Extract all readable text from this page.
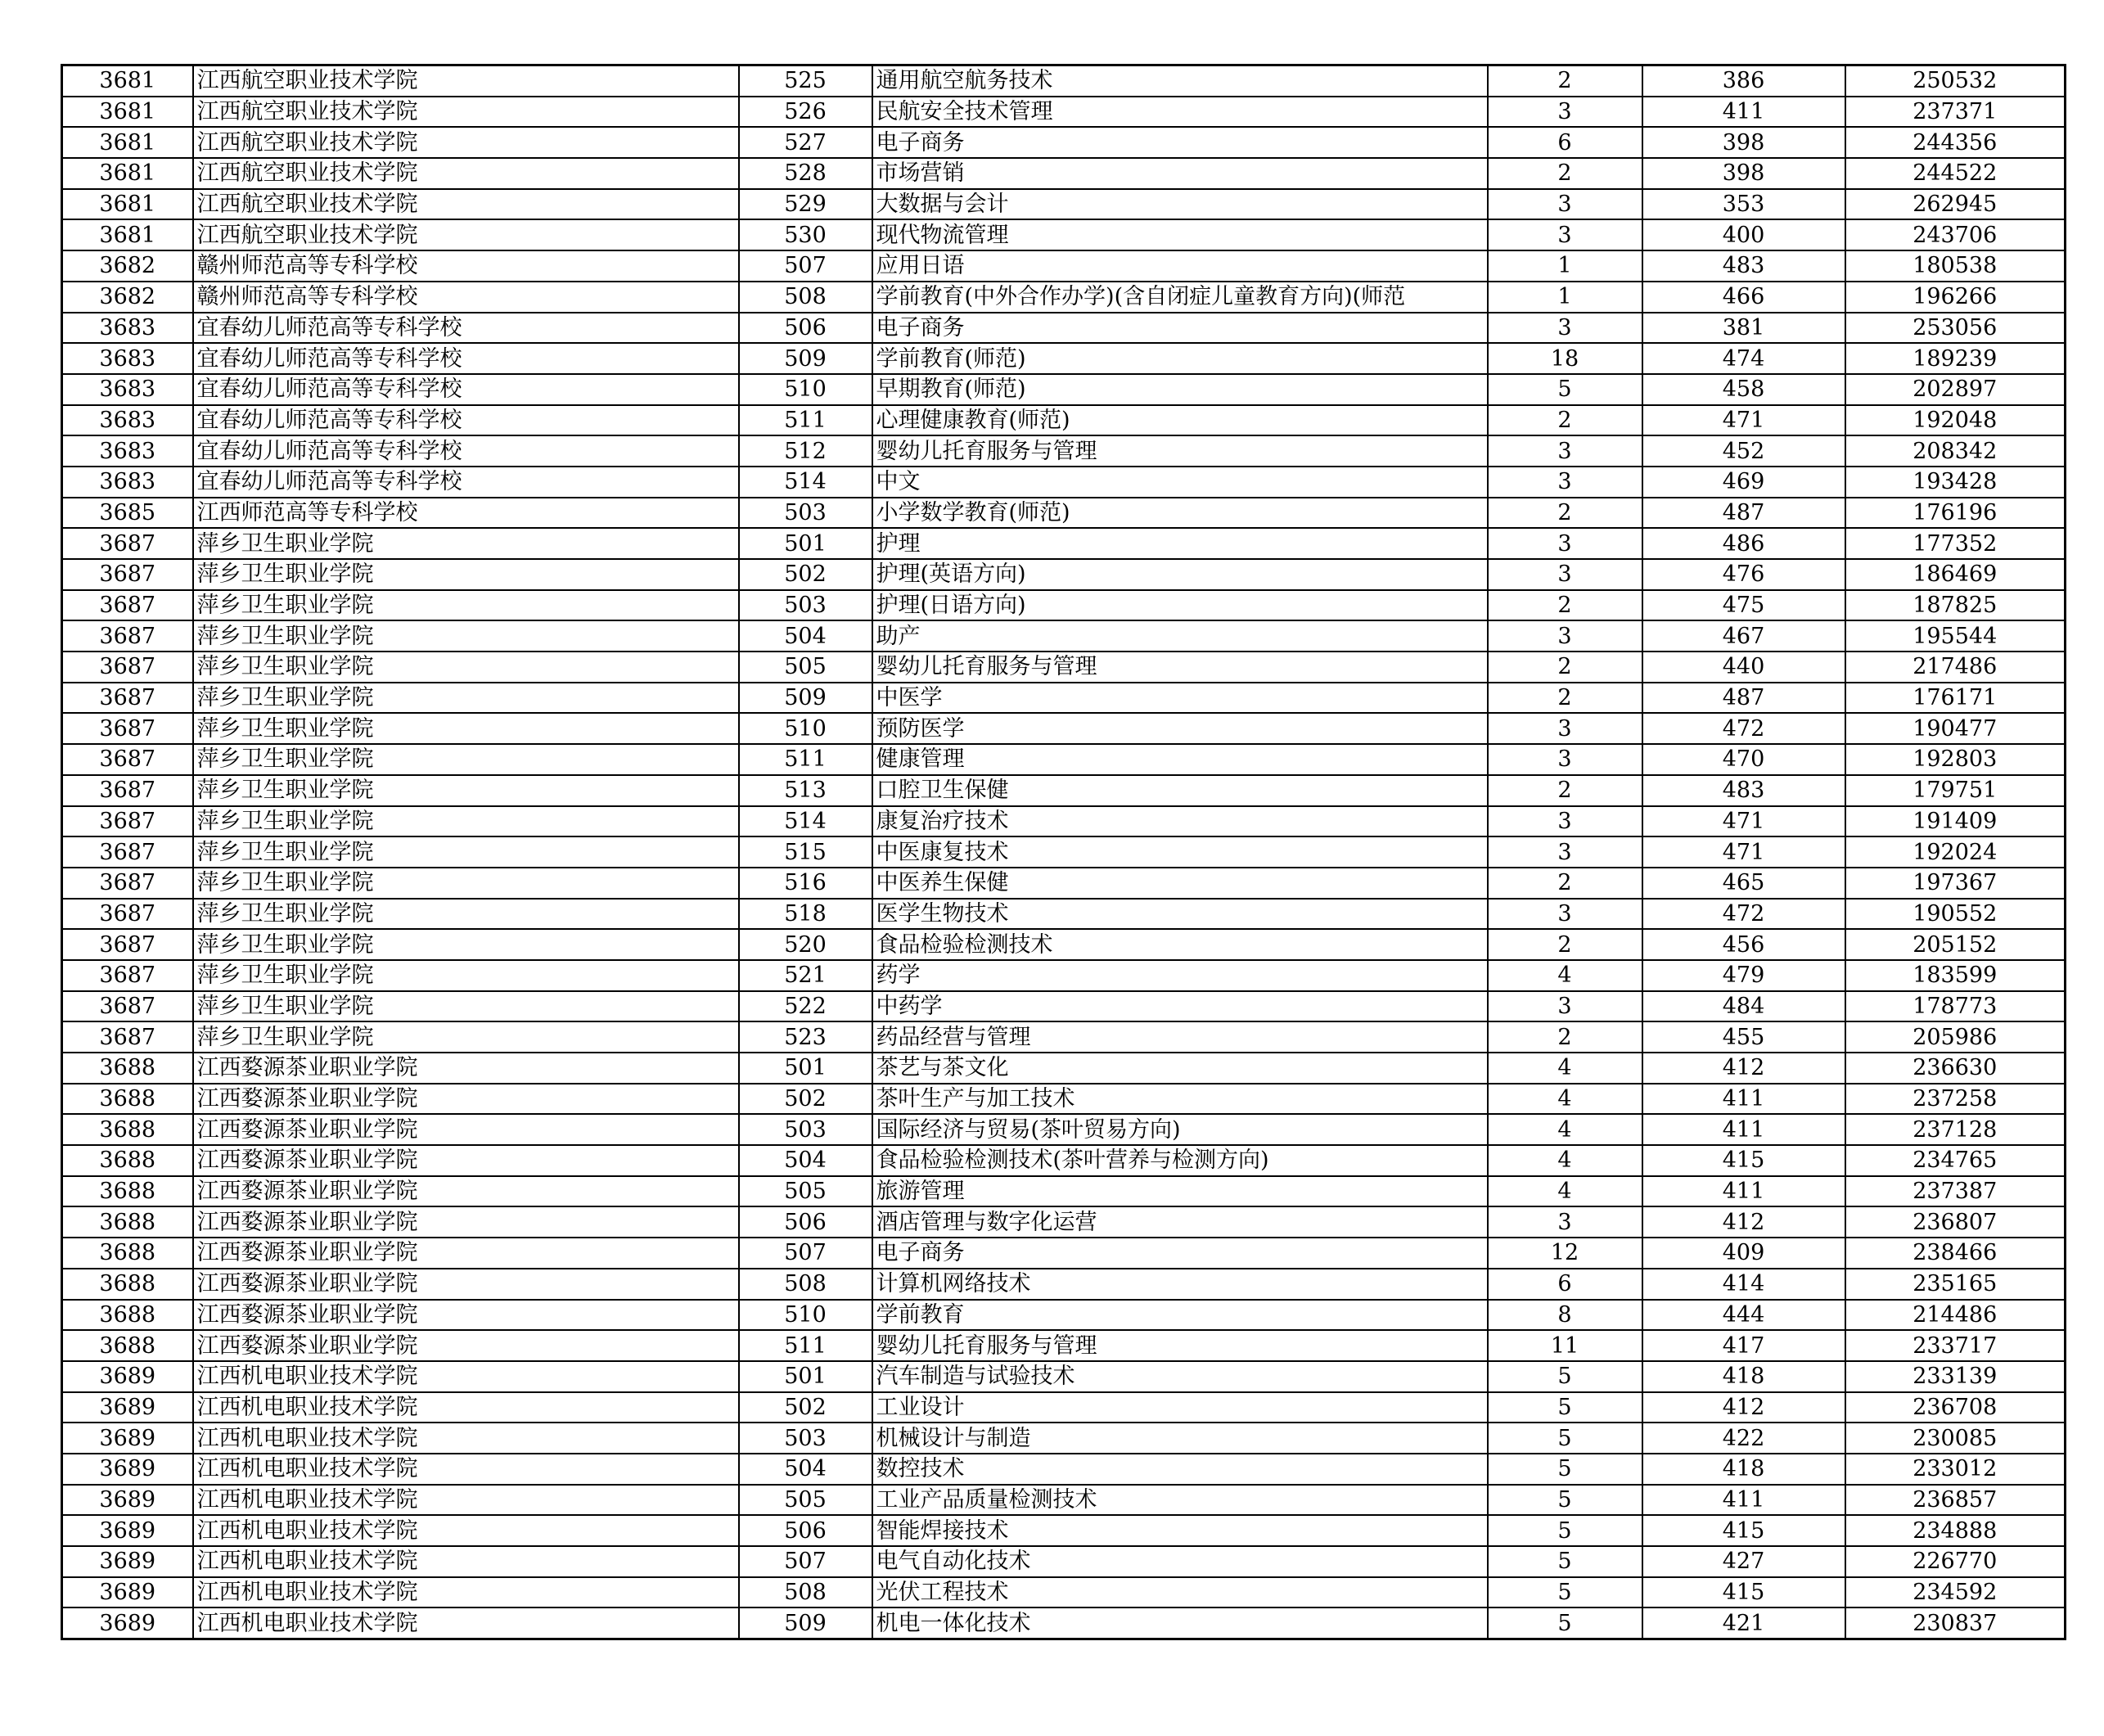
3681	江西航空职业技术学院	525	通用航空航务技术	2	386	250532
3681	江西航空职业技术学院	526	民航安全技术管理	3	411	237371
3681	江西航空职业技术学院	527	电子商务	6	398	244356
3681	江西航空职业技术学院	528	市场营销	2	398	244522
3681	江西航空职业技术学院	529	大数据与会计	3	353	262945
3681	江西航空职业技术学院	530	现代物流管理	3	400	243706
3682	赣州师范高等专科学校	507	应用日语	1	483	180538
3682	赣州师范高等专科学校	508	学前教育(中外合作办学)(含自闭症儿童教育方向)(师范	1	466	196266
3683	宜春幼儿师范高等专科学校	506	电子商务	3	381	253056
3683	宜春幼儿师范高等专科学校	509	学前教育(师范)	18	474	189239
3683	宜春幼儿师范高等专科学校	510	早期教育(师范)	5	458	202897
3683	宜春幼儿师范高等专科学校	511	心理健康教育(师范)	2	471	192048
3683	宜春幼儿师范高等专科学校	512	婴幼儿托育服务与管理	3	452	208342
3683	宜春幼儿师范高等专科学校	514	中文	3	469	193428
3685	江西师范高等专科学校	503	小学数学教育(师范)	2	487	176196
3687	萍乡卫生职业学院	501	护理	3	486	177352
3687	萍乡卫生职业学院	502	护理(英语方向)	3	476	186469
3687	萍乡卫生职业学院	503	护理(日语方向)	2	475	187825
3687	萍乡卫生职业学院	504	助产	3	467	195544
3687	萍乡卫生职业学院	505	婴幼儿托育服务与管理	2	440	217486
3687	萍乡卫生职业学院	509	中医学	2	487	176171
3687	萍乡卫生职业学院	510	预防医学	3	472	190477
3687	萍乡卫生职业学院	511	健康管理	3	470	192803
3687	萍乡卫生职业学院	513	口腔卫生保健	2	483	179751
3687	萍乡卫生职业学院	514	康复治疗技术	3	471	191409
3687	萍乡卫生职业学院	515	中医康复技术	3	471	192024
3687	萍乡卫生职业学院	516	中医养生保健	2	465	197367
3687	萍乡卫生职业学院	518	医学生物技术	3	472	190552
3687	萍乡卫生职业学院	520	食品检验检测技术	2	456	205152
3687	萍乡卫生职业学院	521	药学	4	479	183599
3687	萍乡卫生职业学院	522	中药学	3	484	178773
3687	萍乡卫生职业学院	523	药品经营与管理	2	455	205986
3688	江西婺源茶业职业学院	501	茶艺与茶文化	4	412	236630
3688	江西婺源茶业职业学院	502	茶叶生产与加工技术	4	411	237258
3688	江西婺源茶业职业学院	503	国际经济与贸易(茶叶贸易方向)	4	411	237128
3688	江西婺源茶业职业学院	504	食品检验检测技术(茶叶营养与检测方向)	4	415	234765
3688	江西婺源茶业职业学院	505	旅游管理	4	411	237387
3688	江西婺源茶业职业学院	506	酒店管理与数字化运营	3	412	236807
3688	江西婺源茶业职业学院	507	电子商务	12	409	238466
3688	江西婺源茶业职业学院	508	计算机网络技术	6	414	235165
3688	江西婺源茶业职业学院	510	学前教育	8	444	214486
3688	江西婺源茶业职业学院	511	婴幼儿托育服务与管理	11	417	233717
3689	江西机电职业技术学院	501	汽车制造与试验技术	5	418	233139
3689	江西机电职业技术学院	502	工业设计	5	412	236708
3689	江西机电职业技术学院	503	机械设计与制造	5	422	230085
3689	江西机电职业技术学院	504	数控技术	5	418	233012
3689	江西机电职业技术学院	505	工业产品质量检测技术	5	411	236857
3689	江西机电职业技术学院	506	智能焊接技术	5	415	234888
3689	江西机电职业技术学院	507	电气自动化技术	5	427	226770
3689	江西机电职业技术学院	508	光伏工程技术	5	415	234592
3689	江西机电职业技术学院	509	机电一体化技术	5	421	230837
